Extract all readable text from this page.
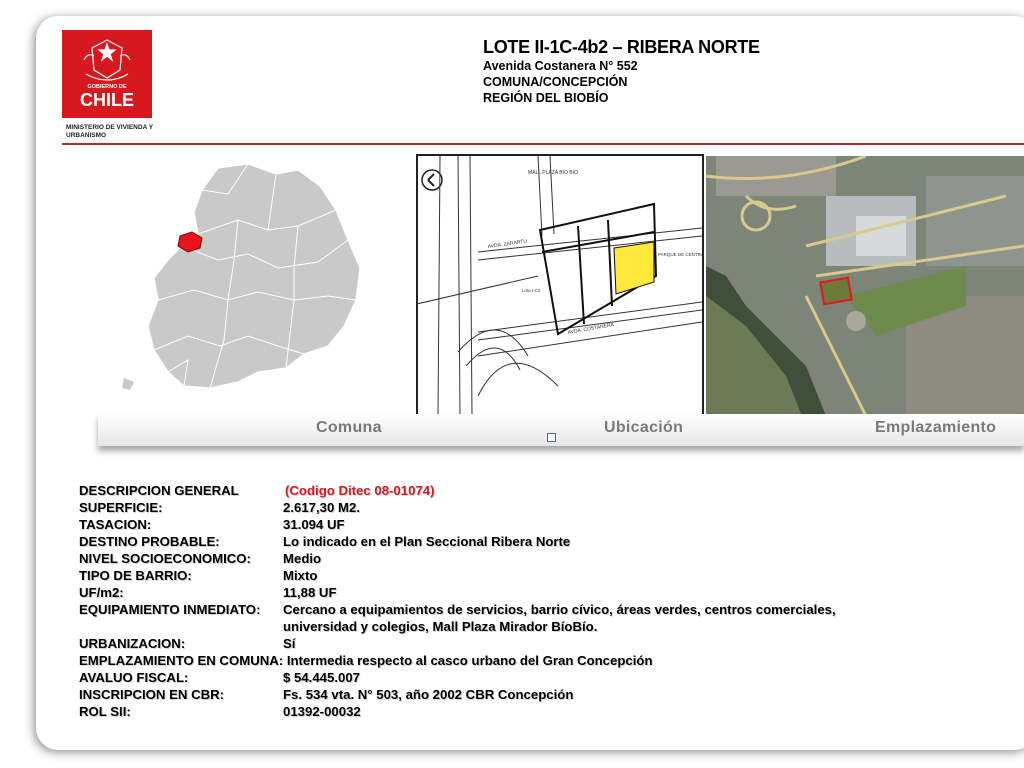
GOBIERNO DE
CHILE
MINISTERIO DE VIVIENDA Y URBANISMO
LOTE II-1C-4b2 – RIBERA NORTE
Avenida Costanera N° 552
COMUNA/CONCEPCIÓN
REGIÓN DEL BIOBÍO
MALL PLAZA BIO BIO
AVDA. ZARARTU
AVDA. COSTANERA
PARQUE DE CENTRAL
Lote I-C2
Comuna	Ubicación	Emplazamiento
DESCRIPCION GENERAL	(Codigo Ditec 08-01074)
SUPERFICIE:	2.617,30 M2.
TASACION:	31.094 UF
DESTINO PROBABLE:	Lo indicado en el Plan Seccional Ribera Norte
NIVEL SOCIOECONOMICO: Medio
TIPO DE BARRIO:	Mixto
UF/m2:	11,88 UF
EQUIPAMIENTO INMEDIATO: Cercano a equipamientos de servicios, barrio cívico, áreas verdes, centros comerciales,
universidad y colegios, Mall Plaza Mirador BíoBío.
URBANIZACION:	Sí
EMPLAZAMIENTO EN COMUNA: Intermedia respecto al casco urbano del Gran Concepción
AVALUO FISCAL:	$ 54.445.007
INSCRIPCION EN CBR:	Fs. 534 vta. N° 503, año 2002 CBR Concepción
ROL SII:	01392-00032
